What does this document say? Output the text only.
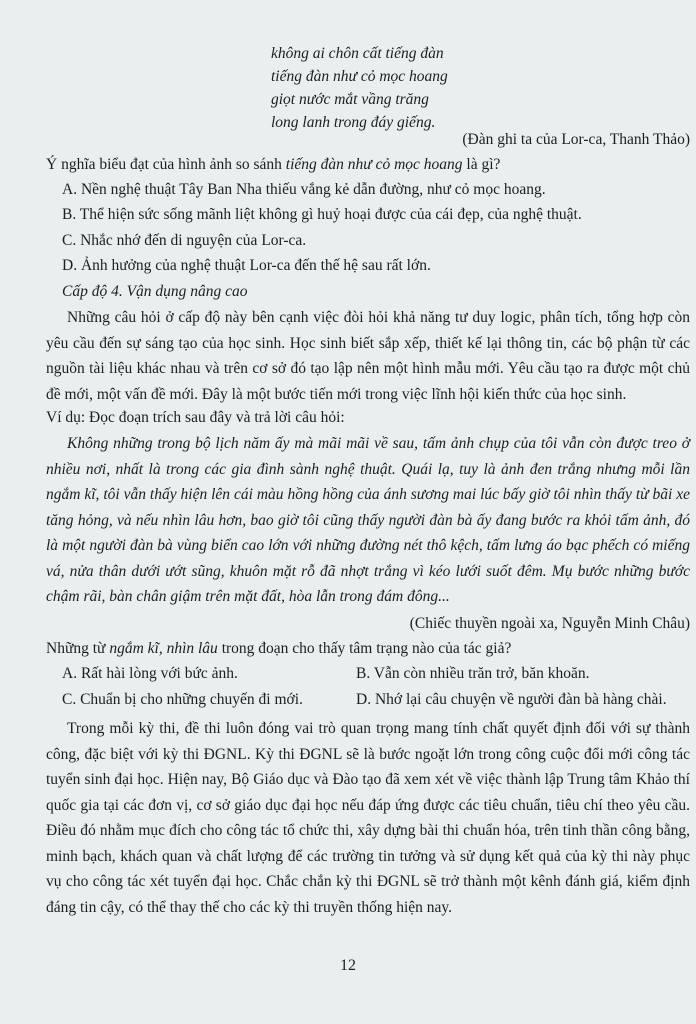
không ai chôn cất tiếng đàn
tiếng đàn như cỏ mọc hoang
giọt nước mắt vầng trăng
long lanh trong đáy giếng.
(Đàn ghi ta của Lor-ca, Thanh Thảo)
Ý nghĩa biểu đạt của hình ảnh so sánh tiếng đàn như cỏ mọc hoang là gì?
A. Nền nghệ thuật Tây Ban Nha thiếu vắng kẻ dẫn đường, như cỏ mọc hoang.
B. Thể hiện sức sống mãnh liệt không gì huỷ hoại được của cái đẹp, của nghệ thuật.
C. Nhắc nhớ đến di nguyện của Lor-ca.
D. Ảnh hưởng của nghệ thuật Lor-ca đến thế hệ sau rất lớn.
Cấp độ 4. Vận dụng nâng cao
Những câu hỏi ở cấp độ này bên cạnh việc đòi hỏi khả năng tư duy logic, phân tích, tổng hợp còn yêu cầu đến sự sáng tạo của học sinh. Học sinh biết sắp xếp, thiết kế lại thông tin, các bộ phận từ các nguồn tài liệu khác nhau và trên cơ sở đó tạo lập nên một hình mẫu mới. Yêu cầu tạo ra được một chủ đề mới, một vấn đề mới. Đây là một bước tiến mới trong việc lĩnh hội kiến thức của học sinh.
Ví dụ: Đọc đoạn trích sau đây và trả lời câu hỏi:
Không những trong bộ lịch năm ấy mà mãi mãi về sau, tấm ảnh chụp của tôi vẫn còn được treo ở nhiều nơi, nhất là trong các gia đình sành nghệ thuật. Quái lạ, tuy là ảnh đen trắng nhưng mỗi lần ngắm kĩ, tôi vẫn thấy hiện lên cái màu hồng hồng của ánh sương mai lúc bấy giờ tôi nhìn thấy từ bãi xe tăng hỏng, và nếu nhìn lâu hơn, bao giờ tôi cũng thấy người đàn bà ấy đang bước ra khỏi tấm ảnh, đó là một người đàn bà vùng biển cao lớn với những đường nét thô kệch, tấm lưng áo bạc phếch có miếng vá, nửa thân dưới ướt sũng, khuôn mặt rỗ đã nhợt trắng vì kéo lưới suốt đêm. Mụ bước những bước chậm rãi, bàn chân giậm trên mặt đất, hòa lẫn trong đám đông...
(Chiếc thuyền ngoài xa, Nguyễn Minh Châu)
Những từ ngắm kĩ, nhìn lâu trong đoạn cho thấy tâm trạng nào của tác giả?
A. Rất hài lòng với bức ảnh.	B. Vẫn còn nhiều trăn trở, băn khoăn.
C. Chuẩn bị cho những chuyến đi mới.	D. Nhớ lại câu chuyện về người đàn bà hàng chài.
Trong mỗi kỳ thi, đề thi luôn đóng vai trò quan trọng mang tính chất quyết định đối với sự thành công, đặc biệt với kỳ thi ĐGNL. Kỳ thi ĐGNL sẽ là bước ngoặt lớn trong công cuộc đổi mới công tác tuyển sinh đại học. Hiện nay, Bộ Giáo dục và Đào tạo đã xem xét về việc thành lập Trung tâm Khảo thí quốc gia tại các đơn vị, cơ sở giáo dục đại học nếu đáp ứng được các tiêu chuẩn, tiêu chí theo yêu cầu. Điều đó nhằm mục đích cho công tác tổ chức thi, xây dựng bài thi chuẩn hóa, trên tinh thần công bằng, minh bạch, khách quan và chất lượng để các trường tin tưởng và sử dụng kết quả của kỳ thi này phục vụ cho công tác xét tuyển đại học. Chắc chắn kỳ thi ĐGNL sẽ trở thành một kênh đánh giá, kiểm định đáng tin cậy, có thể thay thế cho các kỳ thi truyền thống hiện nay.
12
